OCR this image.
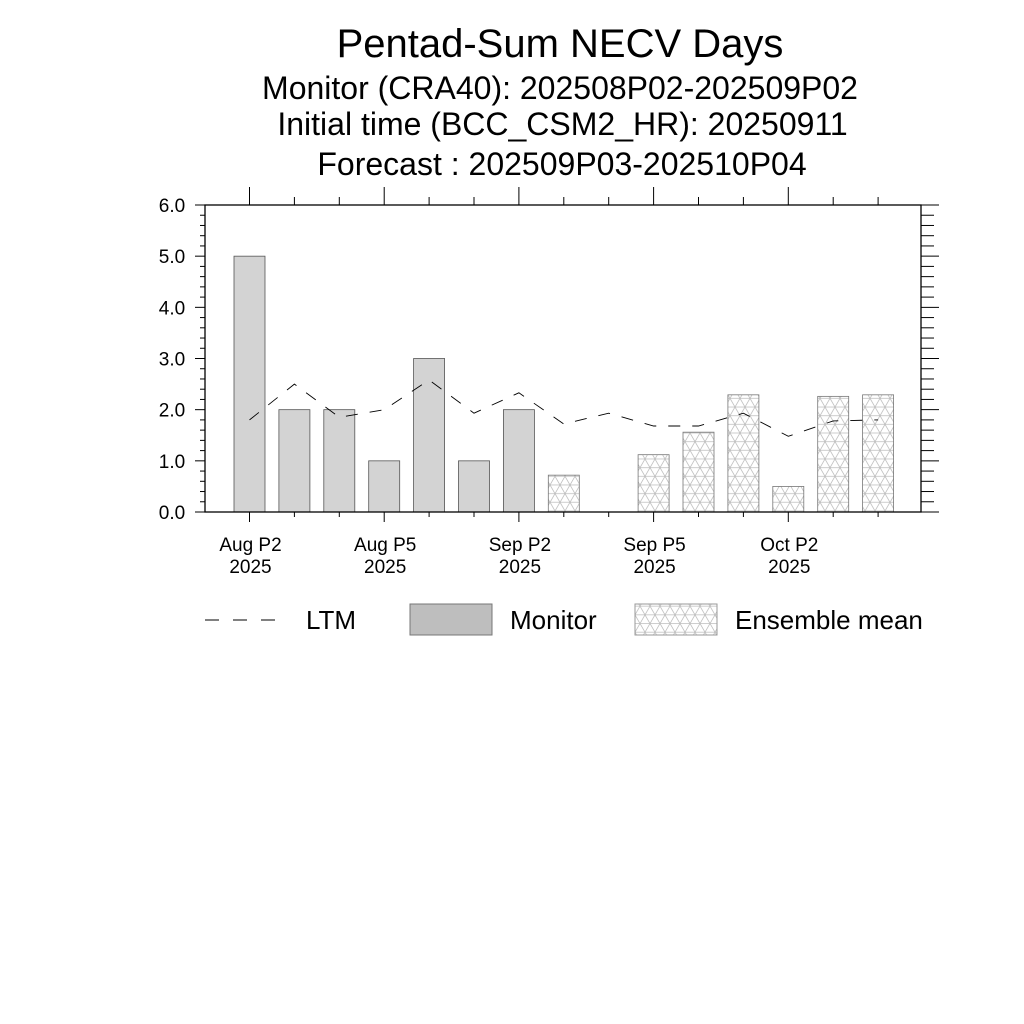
Pentad-Sum NECV Days
Monitor (CRA40): 202508P02-202509P02
Initial time (BCC_CSM2_HR): 20250911
Forecast : 202509P03-202510P04
0.0
1.0
2.0
3.0
4.0
5.0
6.0
Aug P2
2025
Aug P5
2025
Sep P2
2025
Sep P5
2025
Oct P2
2025
LTM	Monitor	Ensemble mean
